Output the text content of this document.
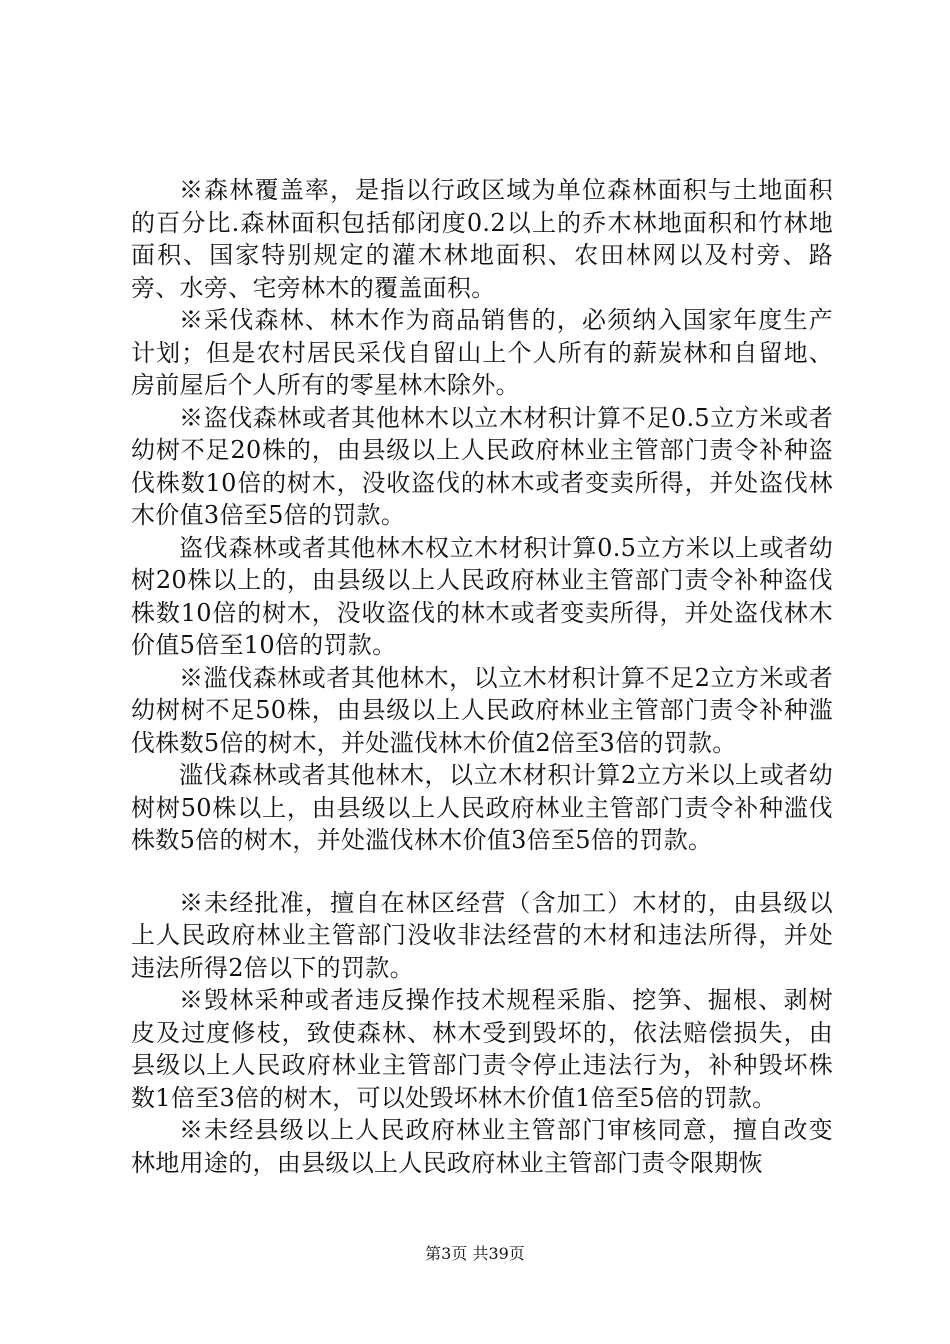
※森林覆盖率，是指以行政区域为单位森林面积与土地面积的百分比.森林面积包括郁闭度0.2以上的乔木林地面积和竹林地面积、国家特别规定的灌木林地面积、农田林网以及村旁、路旁、水旁、宅旁林木的覆盖面积。

※采伐森林、林木作为商品销售的，必须纳入国家年度生产计划；但是农村居民采伐自留山上个人所有的薪炭林和自留地、房前屋后个人所有的零星林木除外。

※盗伐森林或者其他林木以立木材积计算不足0.5立方米或者幼树不足20株的，由县级以上人民政府林业主管部门责令补种盗伐株数10倍的树木，没收盗伐的林木或者变卖所得，并处盗伐林木价值3倍至5倍的罚款。

盗伐森林或者其他林木权立木材积计算0.5立方米以上或者幼树20株以上的，由县级以上人民政府林业主管部门责令补种盗伐株数10倍的树木，没收盗伐的林木或者变卖所得，并处盗伐林木价值5倍至10倍的罚款。

※滥伐森林或者其他林木，以立木材积计算不足2立方米或者幼树树不足50株，由县级以上人民政府林业主管部门责令补种滥伐株数5倍的树木，并处滥伐林木价值2倍至3倍的罚款。

滥伐森林或者其他林木，以立木材积计算2立方米以上或者幼树树50株以上，由县级以上人民政府林业主管部门责令补种滥伐株数5倍的树木，并处滥伐林木价值3倍至5倍的罚款。

※未经批准，擅自在林区经营（含加工）木材的，由县级以上人民政府林业主管部门没收非法经营的木材和违法所得，并处违法所得2倍以下的罚款。

※毁林采种或者违反操作技术规程采脂、挖笋、掘根、剥树皮及过度修枝，致使森林、林木受到毁坏的，依法赔偿损失，由县级以上人民政府林业主管部门责令停止违法行为，补种毁坏株数1倍至3倍的树木，可以处毁坏林木价值1倍至5倍的罚款。

※未经县级以上人民政府林业主管部门审核同意，擅自改变林地用途的，由县级以上人民政府林业主管部门责令限期恢

第3页 共39页
